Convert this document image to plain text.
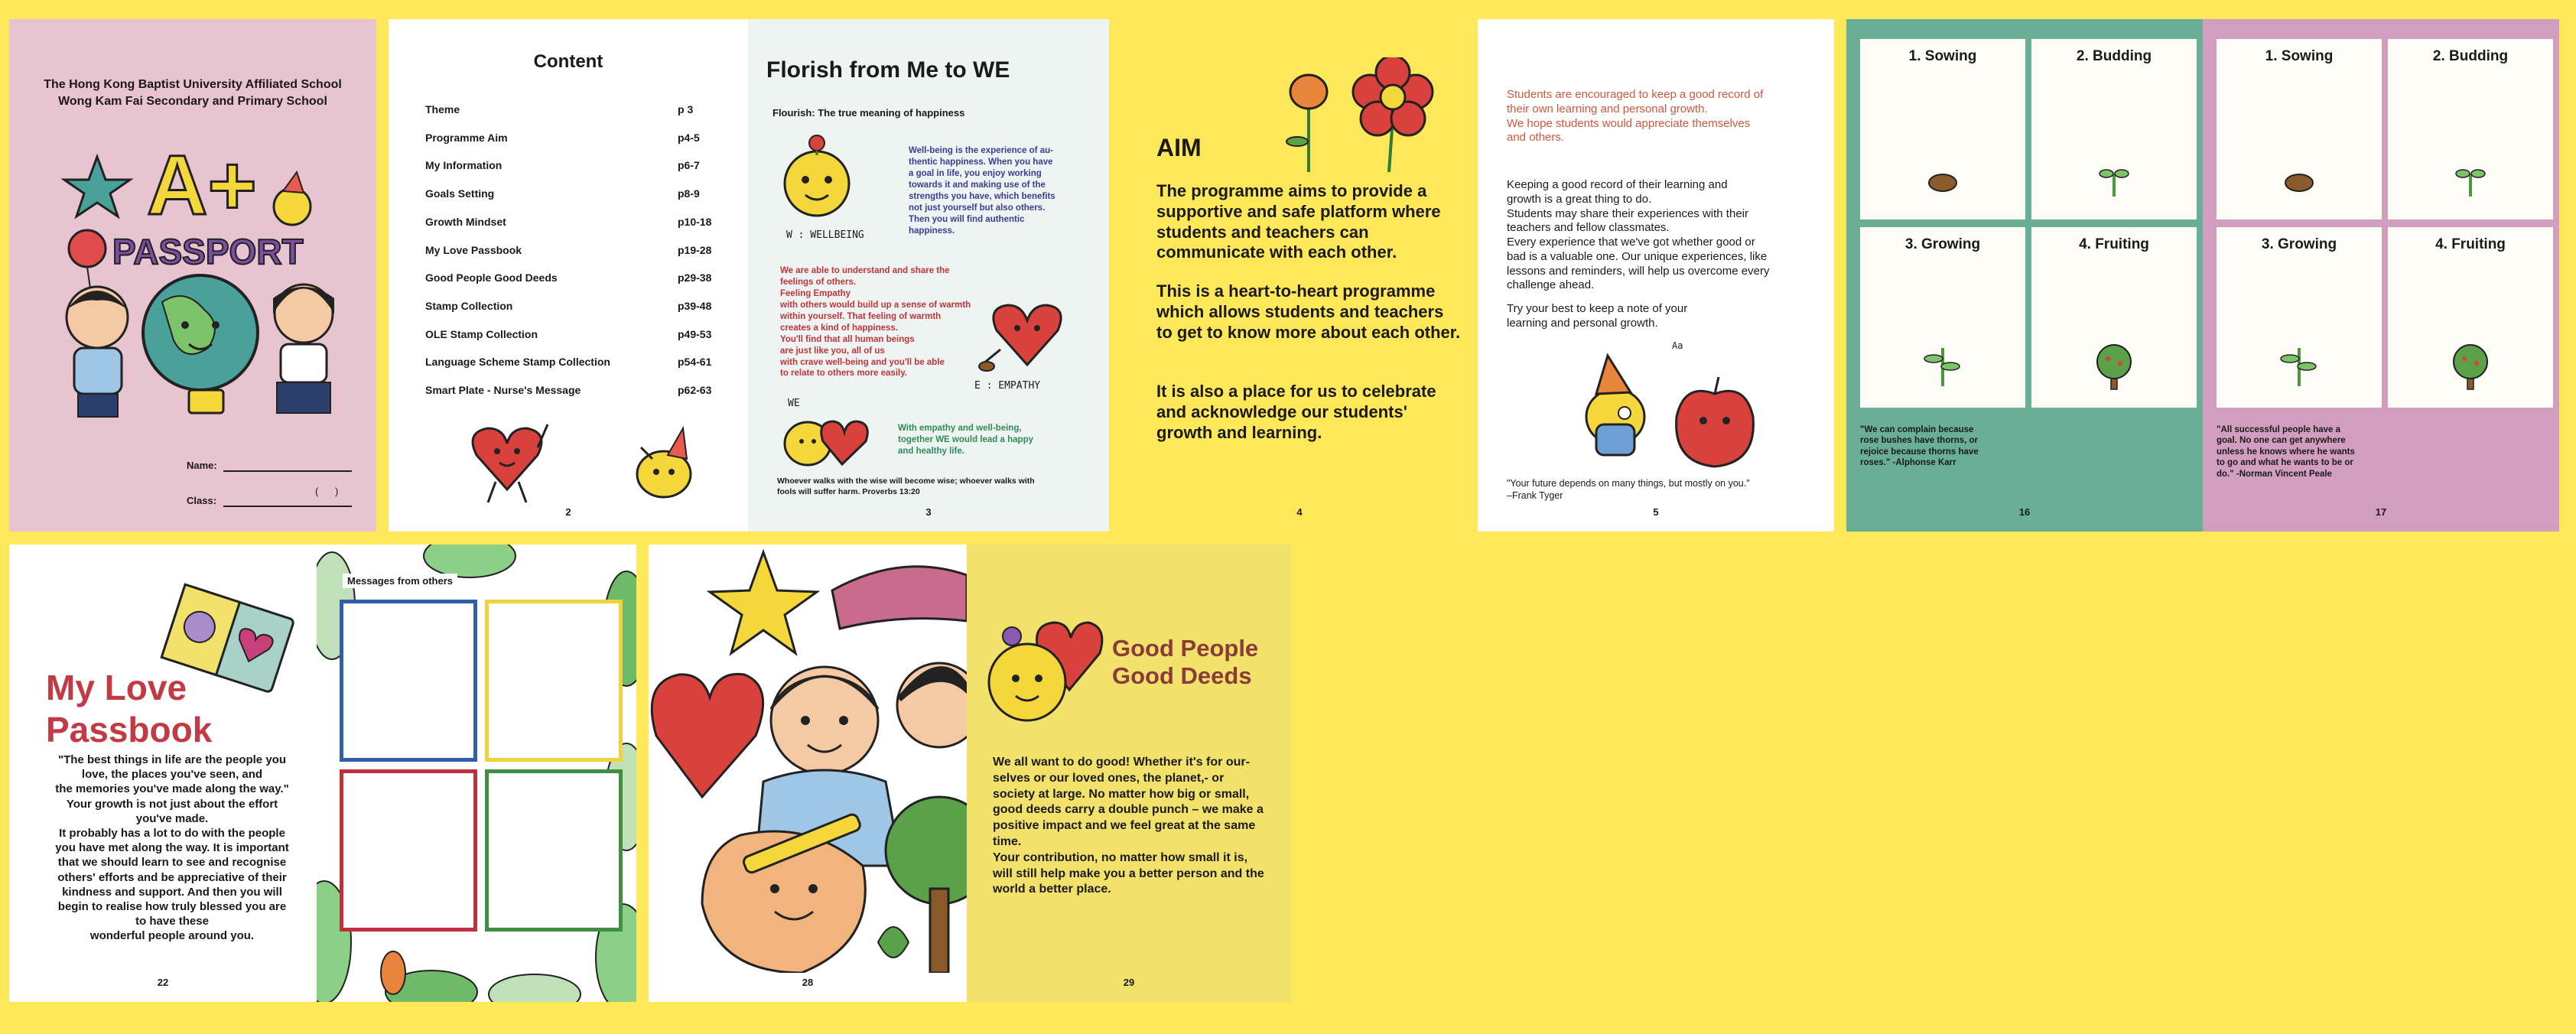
The Hong Kong Baptist University Affiliated School
Wong Kam Fai Secondary and Primary School
A+
PASSPORT
Name:
Class:
(      )
Content
Theme	p 3
Programme Aim	p4-5
My Information	p6-7
Goals Setting	p8-9
Growth Mindset	p10-18
My Love Passbook	p19-28
Good People Good Deeds	p29-38
Stamp Collection	p39-48
OLE Stamp Collection	p49-53
Language Scheme Stamp Collection	p54-61
Smart Plate - Nurse's Message	p62-63
2
Florish from Me to WE
Flourish: The true meaning of happiness
W : WELLBEING
Well-being is the experience of au-
thentic happiness. When you have
a goal in life, you enjoy working
towards it and making use of the
strengths you have, which benefits
not just yourself but also others.
Then you will find authentic
happiness.
We are able to understand and share the
feelings of others.
Feeling Empathy
with others would build up a sense of warmth
within yourself. That feeling of warmth
creates a kind of happiness.
You'll find that all human beings
are just like you, all of us
with crave well-being and you'll be able
to relate to others more easily.
E : EMPATHY
WE
With empathy and well-being,
together WE would lead a happy
and healthy life.
Whoever walks with the wise will become wise; whoever walks with
fools will suffer harm. Proverbs 13:20
3
AIM
The programme aims to provide a supportive and safe platform where students and teachers can communicate with each other.
This is a heart-to-heart programme which allows students and teachers to get to know more about each other.
It is also a place for us to celebrate and acknowledge our students' growth and learning.
4
Students are encouraged to keep a good record of
their own learning and personal growth.
We hope students would appreciate themselves
and others.
Keeping a good record of their learning and
growth is a great thing to do.
Students may share their experiences with their
teachers and fellow classmates.
Every experience that we've got whether good or
bad is a valuable one. Our unique experiences, like
lessons and reminders, will help us overcome every
challenge ahead.
Try your best to keep a note of your
learning and personal growth.
Aa
"Your future depends on many things, but mostly on you."
–Frank Tyger
5
1. Sowing	2. Budding
3. Growing	4. Fruiting
"We can complain because
rose bushes have thorns, or
rejoice because thorns have
roses." -Alphonse Karr
16
1. Sowing	2. Budding
3. Growing	4. Fruiting
"All successful people have a
goal. No one can get anywhere
unless he knows where he wants
to go and what he wants to be or
do." -Norman Vincent Peale
17
My Love
Passbook
"The best things in life are the people you
love, the places you've seen, and
the memories you've made along the way."
Your growth is not just about the effort
you've made.
It probably has a lot to do with the people
you have met along the way. It is important
that we should learn to see and recognise
others' efforts and be appreciative of their
kindness and support. And then you will
begin to realise how truly blessed you are
to have these
wonderful people around you.
22
Messages from others
28
Good People
Good Deeds
We all want to do good! Whether it's for our-
selves or our loved ones, the planet,- or
society at large. No matter how big or small,
good deeds carry a double punch – we make a
positive impact and we feel great at the same
time.
Your contribution, no matter how small it is,
will still help make you a better person and the
world a better place.
29
